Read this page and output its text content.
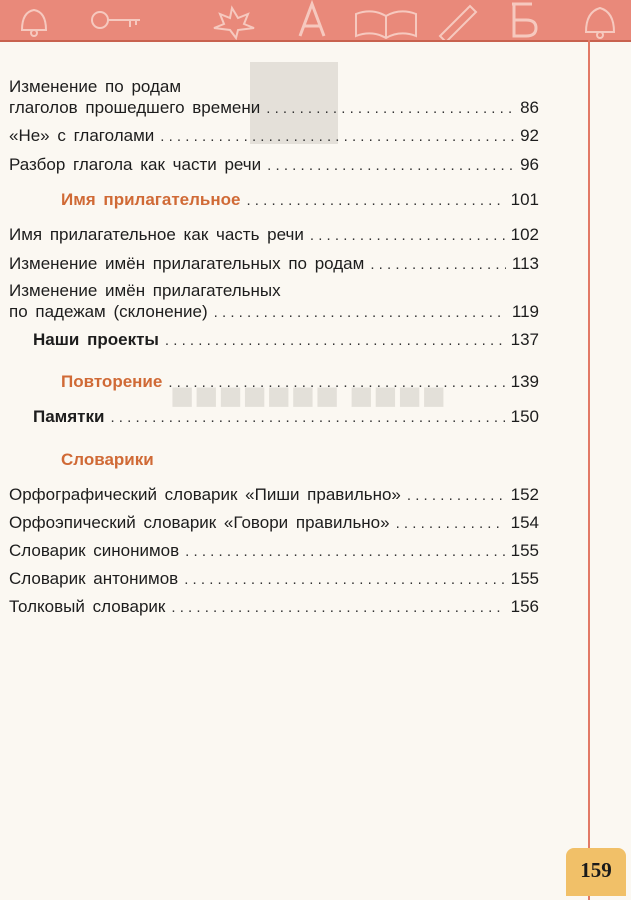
■■■■■■■ ■■■■
Изменение по родам
глаголов прошедшего времени . . .	86
«Не» с глаголами . . .	92
Разбор глагола как части речи . . .	96
Имя прилагательное . . .	101
Имя прилагательное как часть речи . . .	102
Изменение имён прилагательных по родам . . .	113
Изменение имён прилагательных
по падежам (склонение) . . .	119
Наши проекты . . .	137
Повторение . . .	139
Памятки . . .	150
Словарики
Орфографический словарик «Пиши правильно» . . .	152
Орфоэпический словарик «Говори правильно» . . .	154
Словарик синонимов . . .	155
Словарик антонимов . . .	155
Толковый словарик . . .	156
159
